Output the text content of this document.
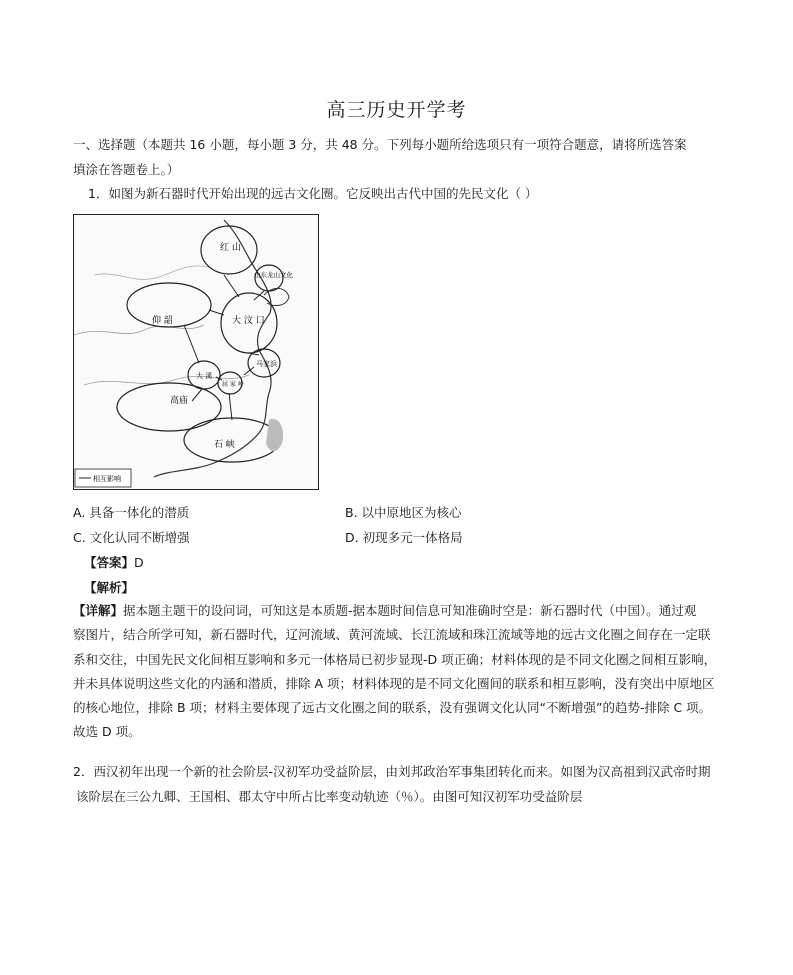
高三历史开学考
一、选择题（本题共 16 小题，每小题 3 分，共 48 分。下列每小题所给选项只有一项符合题意，请将所选答案
填涂在答题卷上。）
1．如图为新石器时代开始出现的远古文化圈。它反映出古代中国的先民文化（ ）
红 山
山东龙山文化
仰 韶	大 汶 口
马家浜
大 溪
屈 家 岭
高庙
石 峡
相互影响
A. 具备一体化的潜质	B. 以中原地区为核心
C. 文化认同不断增强	D. 初现多元一体格局
【答案】D
【解析】
【详解】据本题主题干的设问词，可知这是本质题-据本题时间信息可知准确时空是：新石器时代（中国）。通过观
察图片，结合所学可知，新石器时代，辽河流域、黄河流域、长江流域和珠江流域等地的远古文化圈之间存在一定联
系和交往，中国先民文化间相互影响和多元一体格局已初步显现-D 项正确；材料体现的是不同文化圈之间相互影响，
并未具体说明这些文化的内涵和潜质，排除 A 项；材料体现的是不同文化圈间的联系和相互影响，没有突出中原地区
的核心地位，排除 B 项；材料主要体现了远古文化圈之间的联系，没有强调文化认同“不断增强”的趋势-排除 C 项。
故选 D 项。
2．西汉初年出现一个新的社会阶层-汉初军功受益阶层，由刘邦政治军事集团转化而来。如图为汉高祖到汉武帝时期
该阶层在三公九卿、王国相、郡太守中所占比率变动轨迹（％）。由图可知汉初军功受益阶层
